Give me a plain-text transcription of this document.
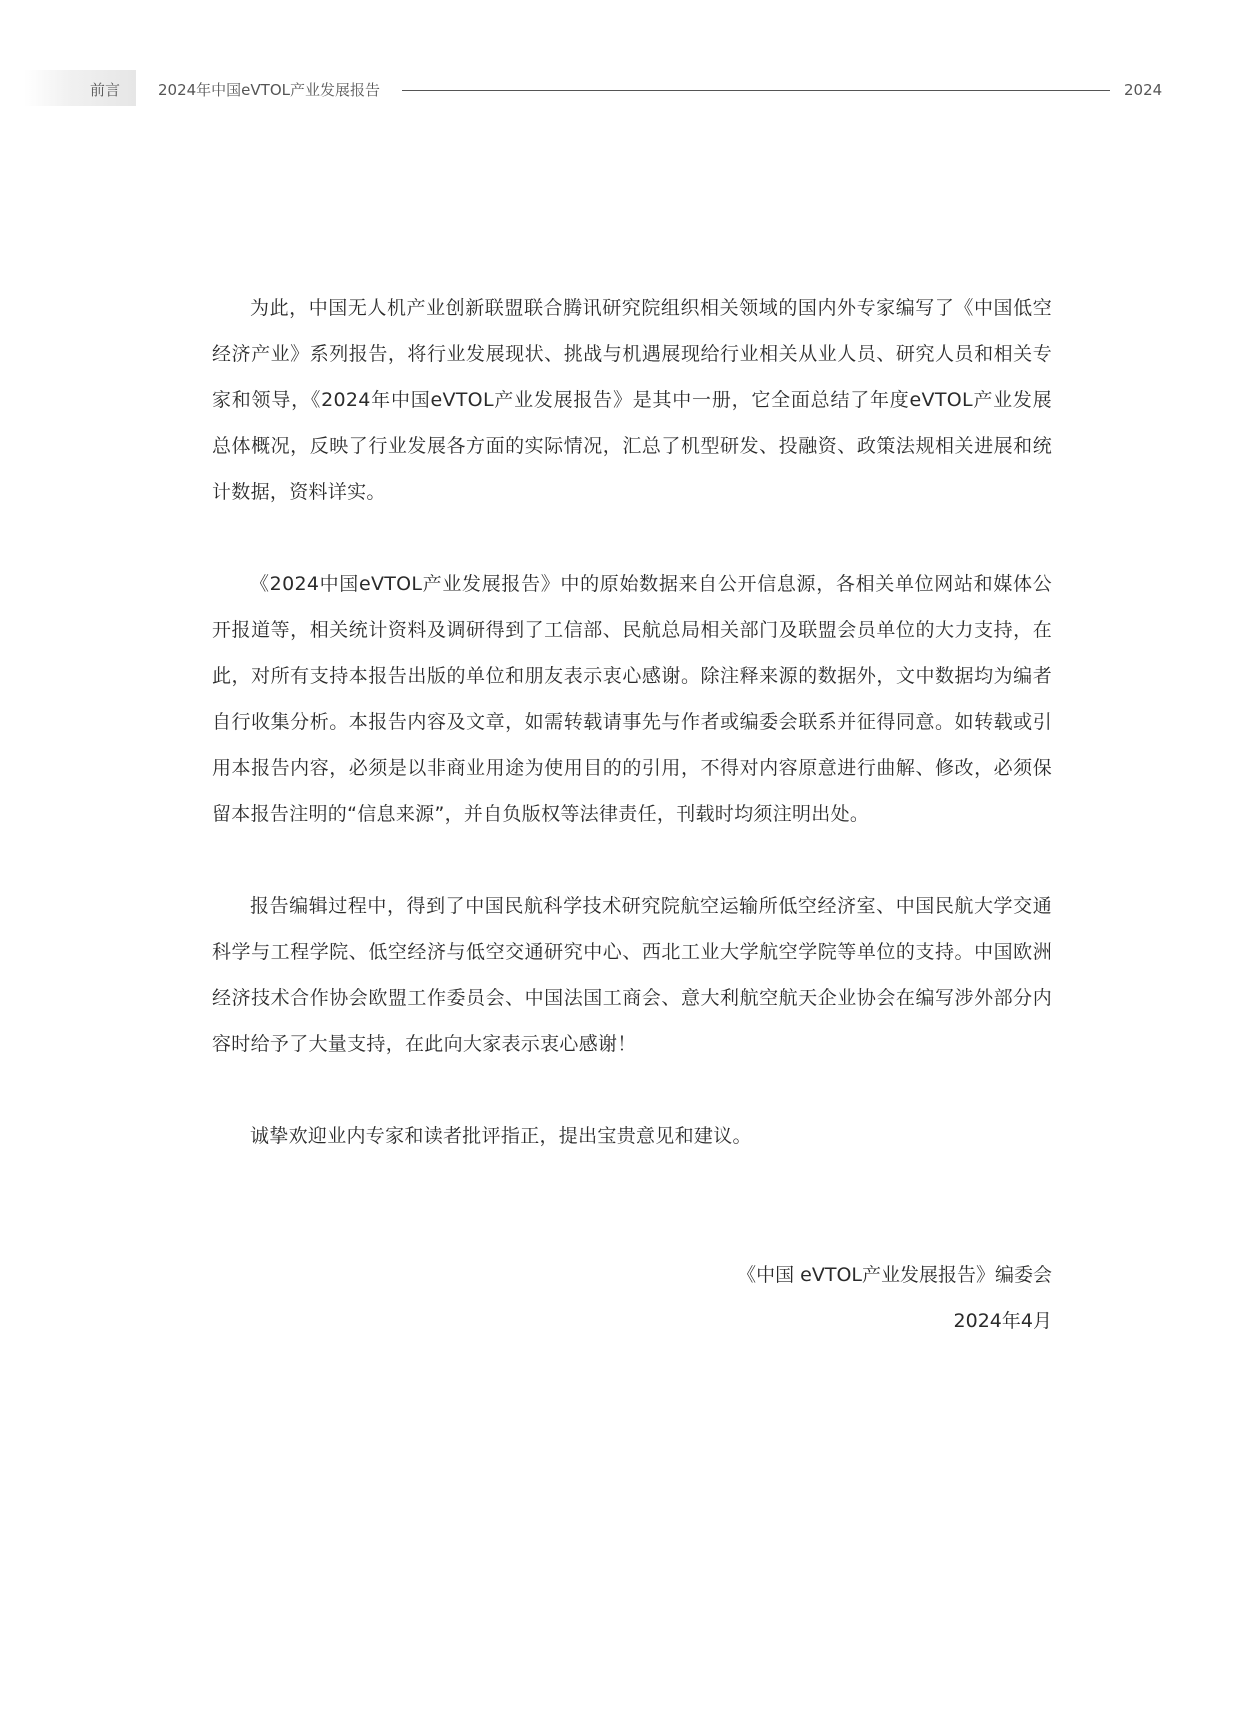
前言	2024年中国eVTOL产业发展报告	2024

为此，中国无人机产业创新联盟联合腾讯研究院组织相关领域的国内外专家编写了《中国低空经济产业》系列报告，将行业发展现状、挑战与机遇展现给行业相关从业人员、研究人员和相关专家和领导，《2024年中国eVTOL产业发展报告》是其中一册，它全面总结了年度eVTOL产业发展总体概况，反映了行业发展各方面的实际情况，汇总了机型研发、投融资、政策法规相关进展和统计数据，资料详实。

《2024中国eVTOL产业发展报告》中的原始数据来自公开信息源，各相关单位网站和媒体公开报道等，相关统计资料及调研得到了工信部、民航总局相关部门及联盟会员单位的大力支持，在此，对所有支持本报告出版的单位和朋友表示衷心感谢。除注释来源的数据外，文中数据均为编者自行收集分析。本报告内容及文章，如需转载请事先与作者或编委会联系并征得同意。如转载或引用本报告内容，必须是以非商业用途为使用目的的引用，不得对内容原意进行曲解、修改，必须保留本报告注明的“信息来源”，并自负版权等法律责任，刊载时均须注明出处。

报告编辑过程中，得到了中国民航科学技术研究院航空运输所低空经济室、中国民航大学交通科学与工程学院、低空经济与低空交通研究中心、西北工业大学航空学院等单位的支持。中国欧洲经济技术合作协会欧盟工作委员会、中国法国工商会、意大利航空航天企业协会在编写涉外部分内容时给予了大量支持，在此向大家表示衷心感谢！

诚挚欢迎业内专家和读者批评指正，提出宝贵意见和建议。

《中国 eVTOL产业发展报告》编委会
2024年4月
